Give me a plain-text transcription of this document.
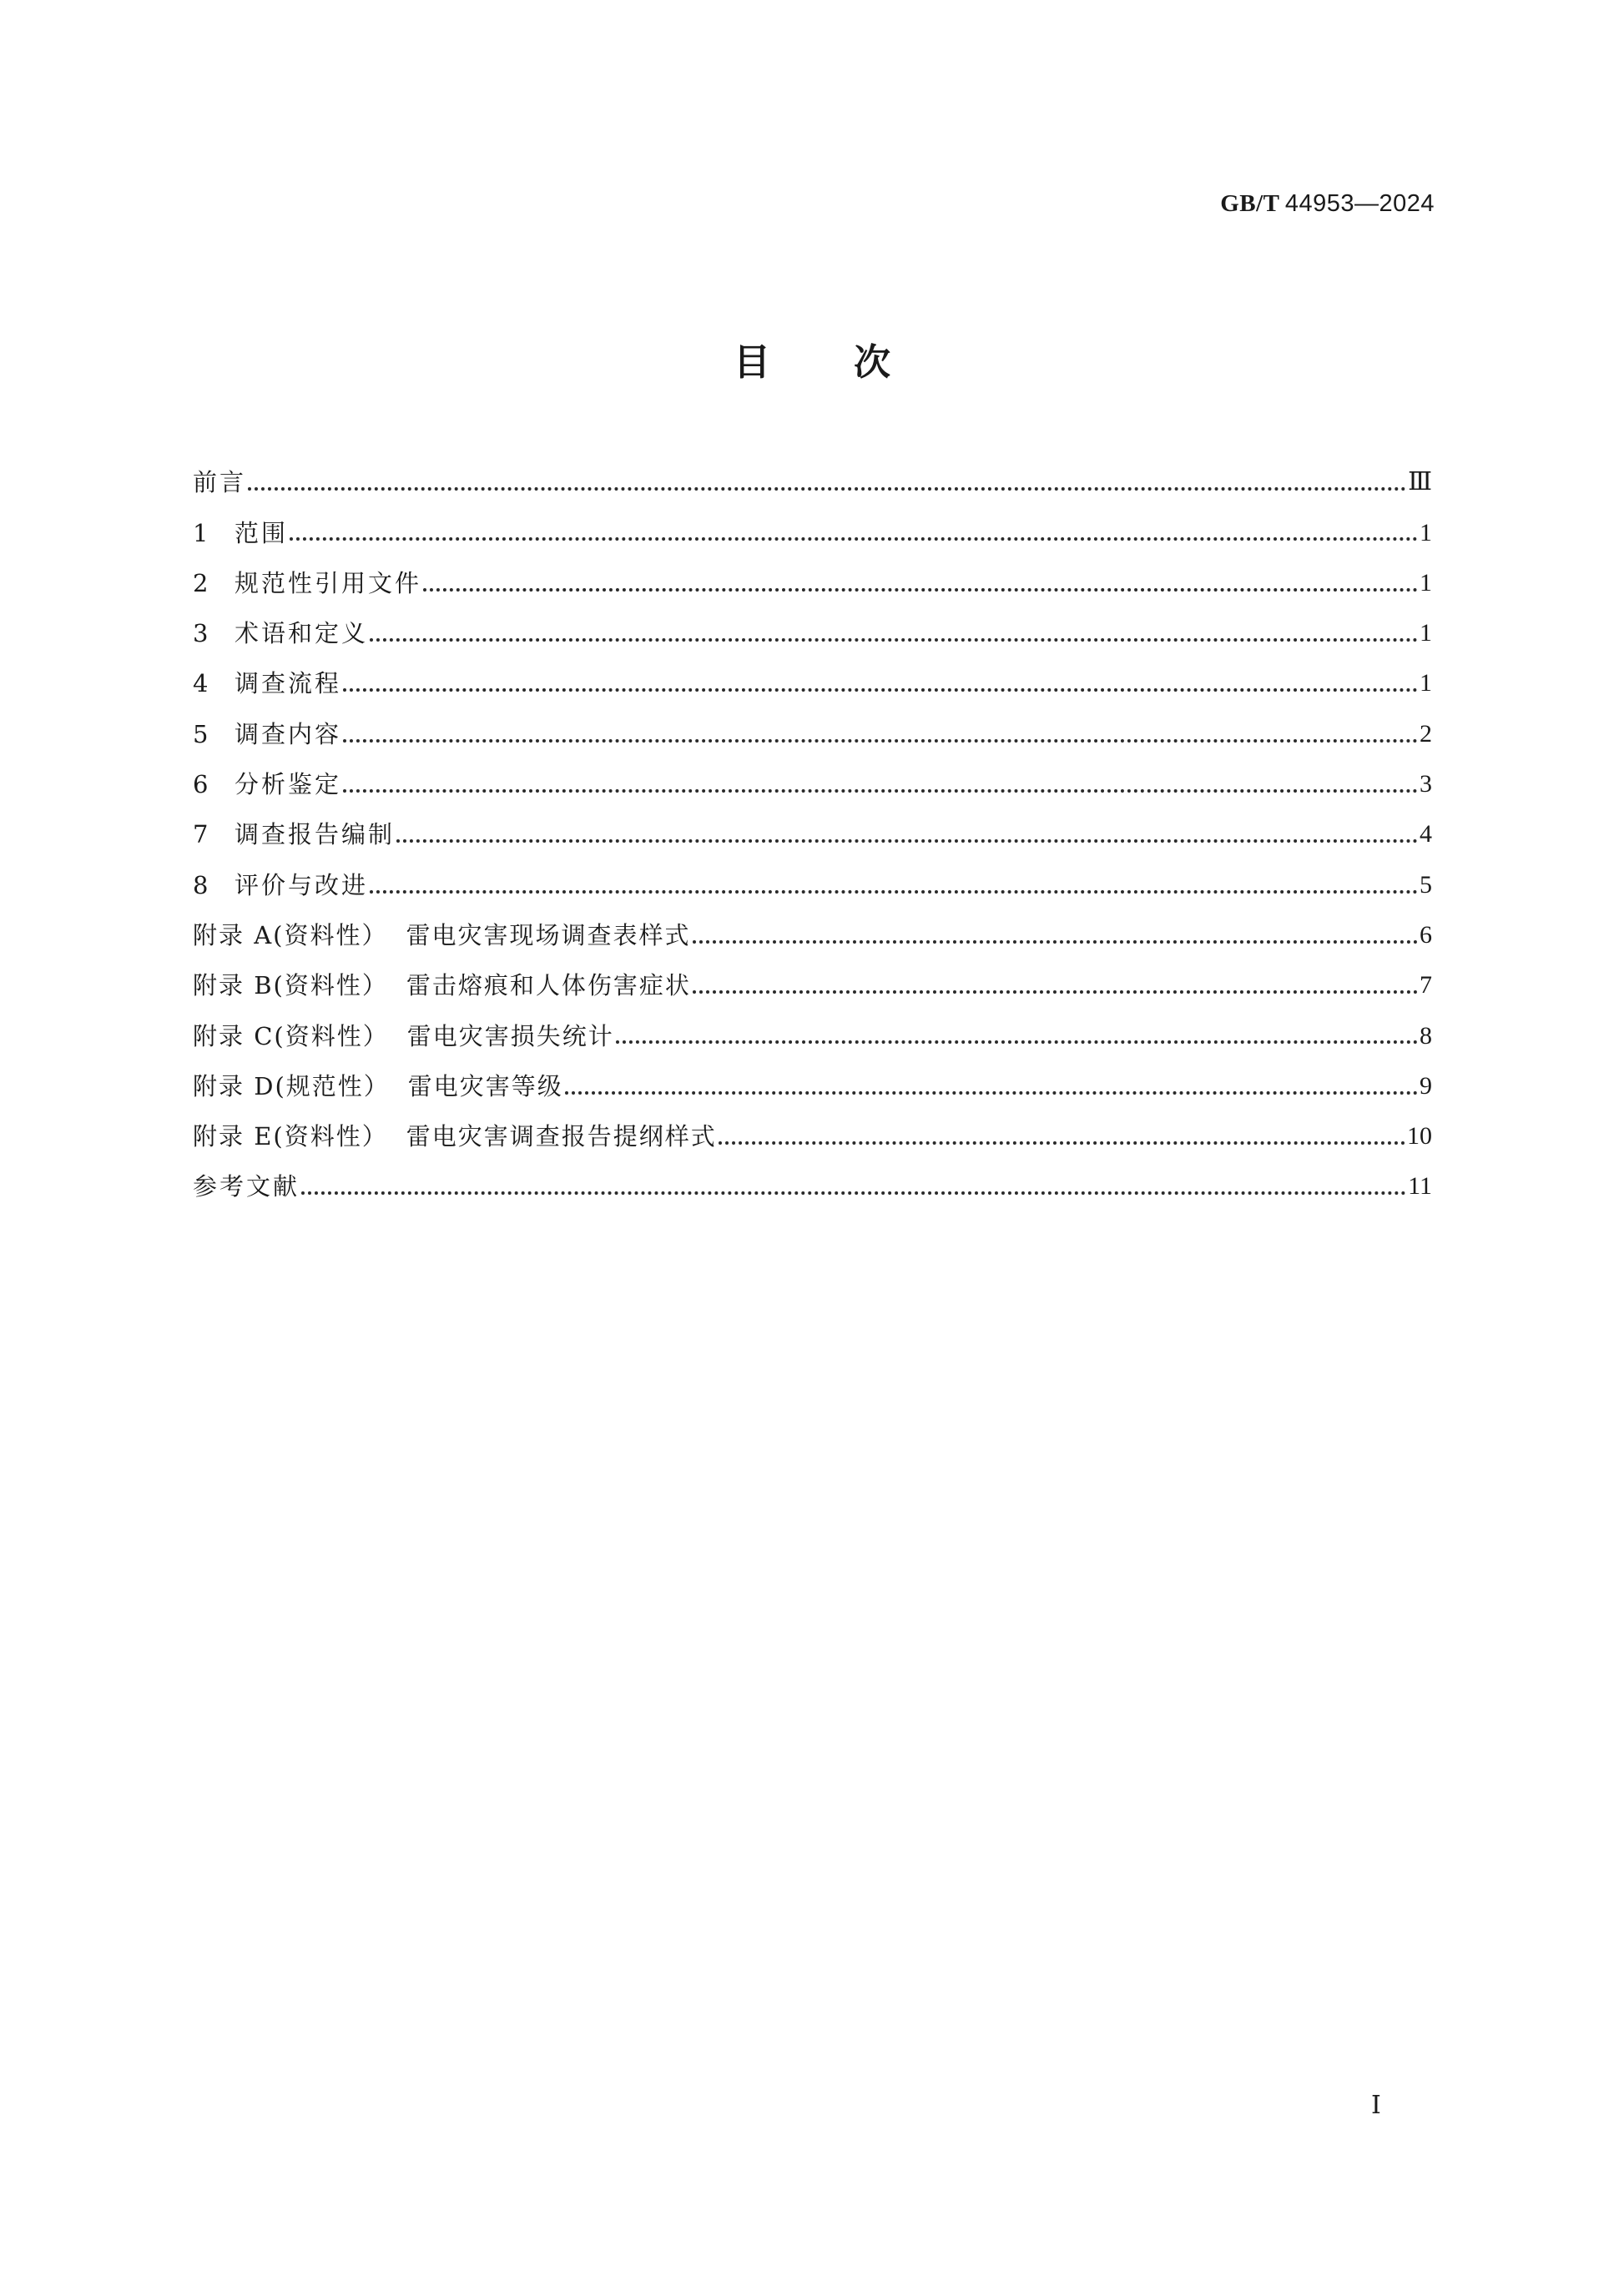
GB/T  44953—2024
目次
前言	Ⅲ
1 范围	1
2 规范性引用文件	1
3 术语和定义	1
4 调查流程	1
5 调查内容	2
6 分析鉴定	3
7 调查报告编制	4
8 评价与改进	5
附录 A(资料性） 雷电灾害现场调查表样式	6
附录 B(资料性） 雷击熔痕和人体伤害症状	7
附录 C(资料性） 雷电灾害损失统计	8
附录 D(规范性） 雷电灾害等级	9
附录 E(资料性） 雷电灾害调查报告提纲样式	10
参考文献	11
Ⅰ
